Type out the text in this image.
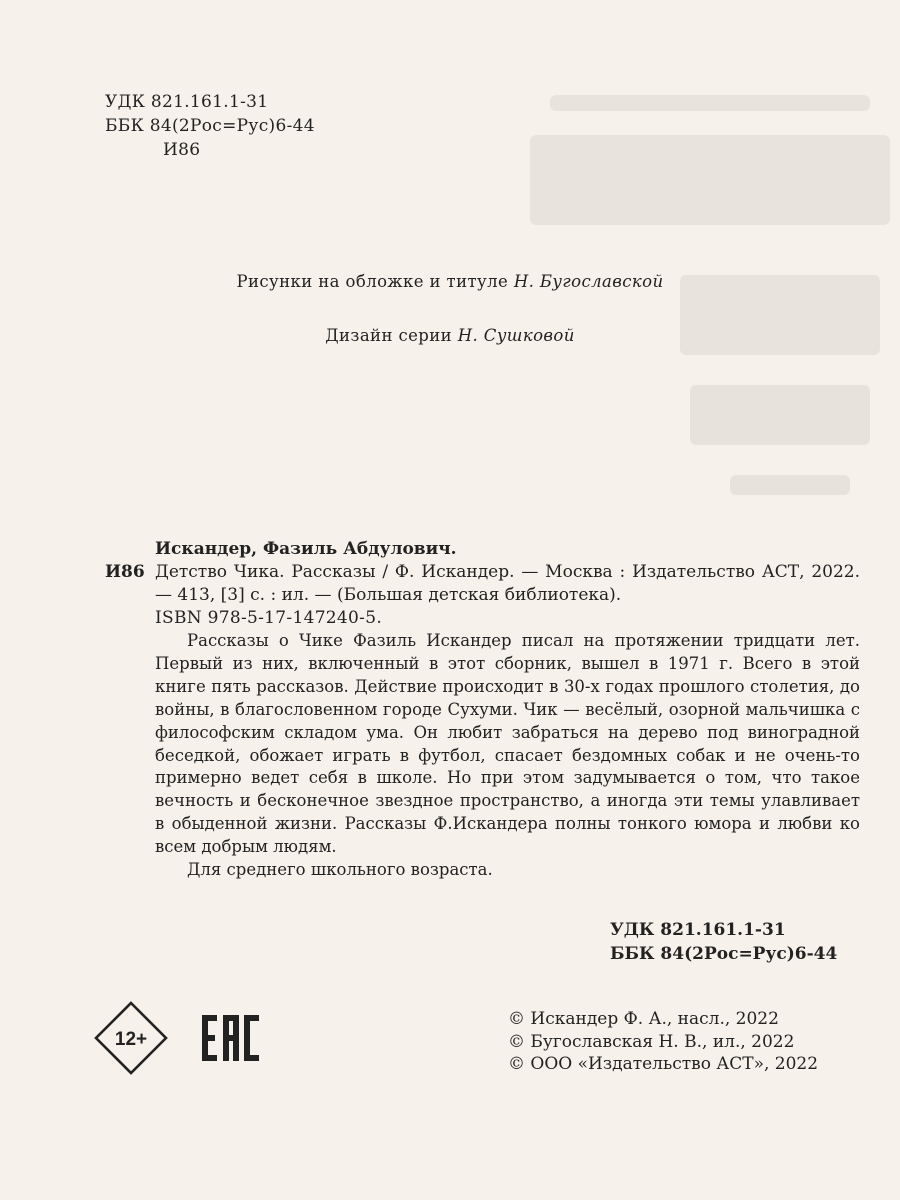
УДК 821.161.1-31
ББК 84(2Рос=Рус)6-44
И86
Рисунки на обложке и титуле Н. Бугославской
Дизайн серии Н. Сушковой
Искандер, Фазиль Абдулович.
И86 Детство Чика. Рассказы / Ф. Искандер. — Москва : Издательство АСТ, 2022. — 413, [3] с. : ил. — (Большая детская библиотека).
ISBN 978-5-17-147240-5.

Рассказы о Чике Фазиль Искандер писал на протяжении тридцати лет. Первый из них, включенный в этот сборник, вышел в 1971 г. Всего в этой книге пять рассказов. Действие происходит в 30-х годах прошлого столетия, до войны, в благословенном городе Сухуми. Чик — весёлый, озорной мальчишка с философским складом ума. Он любит забраться на дерево под виноградной беседкой, обожает играть в футбол, спасает бездомных собак и не очень-то примерно ведет себя в школе. Но при этом задумывается о том, что такое вечность и бесконечное звездное пространство, а иногда эти темы улавливает в обыденной жизни. Рассказы Ф.Искандера полны тонкого юмора и любви ко всем добрым людям.

Для среднего школьного возраста.

УДК 821.161.1-31
ББК 84(2Рос=Рус)6-44
12+
© Искандер Ф. А., насл., 2022
© Бугославская Н. В., ил., 2022
© ООО «Издательство АСТ», 2022
